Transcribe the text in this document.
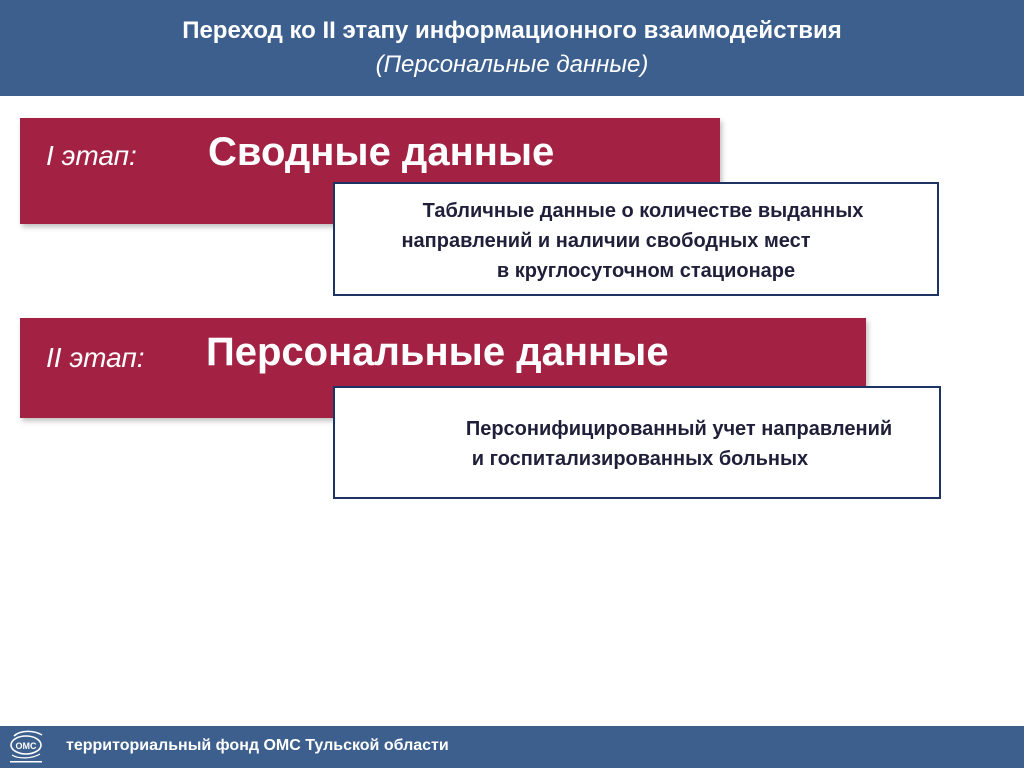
Переход ко II этапу информационного взаимодействия
(Персональные данные)
I этап: Сводные данные
Табличные данные о количестве выданных
направлений и наличии свободных мест
в круглосуточном стационаре
II этап: Персональные данные
Персонифицированный учет направлений
и госпитализированных больных
ОМС территориальный фонд ОМС Тульской области
